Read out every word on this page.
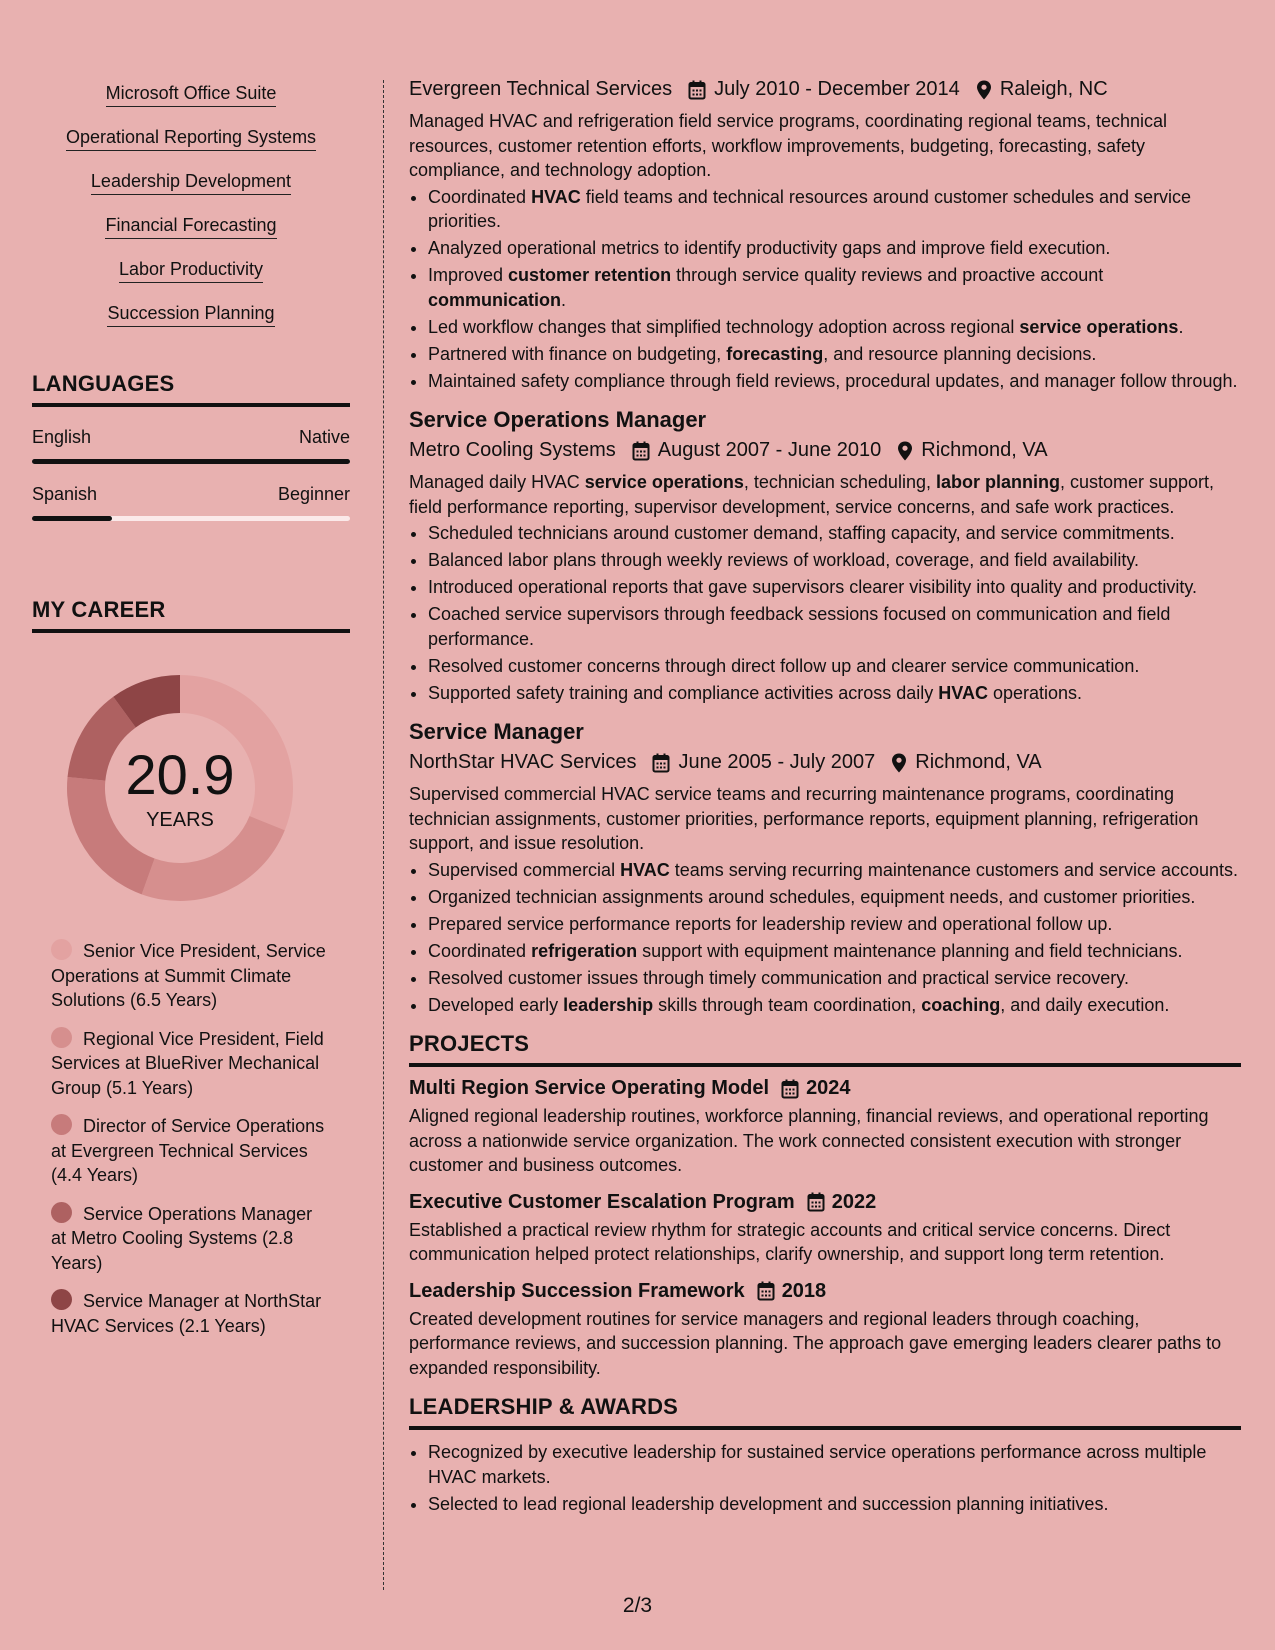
Microsoft Office Suite
Operational Reporting Systems
Leadership Development
Financial Forecasting
Labor Productivity
Succession Planning
LANGUAGES
English	Native
Spanish	Beginner
MY CAREER
20.9
YEARS
Senior Vice President, Service Operations at Summit Climate Solutions (6.5 Years)
Regional Vice President, Field Services at BlueRiver Mechanical Group (5.1 Years)
Director of Service Operations at Evergreen Technical Services (4.4 Years)
Service Operations Manager at Metro Cooling Systems (2.8 Years)
Service Manager at NorthStar HVAC Services (2.1 Years)
Evergreen Technical Services July 2010 - December 2014 Raleigh, NC

Managed HVAC and refrigeration field service programs, coordinating regional teams, technical resources, customer retention efforts, workflow improvements, budgeting, forecasting, safety compliance, and technology adoption.

• Coordinated HVAC field teams and technical resources around customer schedules and service priorities.
• Analyzed operational metrics to identify productivity gaps and improve field execution.
• Improved customer retention through service quality reviews and proactive account communication.
• Led workflow changes that simplified technology adoption across regional service operations.
• Partnered with finance on budgeting, forecasting, and resource planning decisions.
• Maintained safety compliance through field reviews, procedural updates, and manager follow through.
Service Operations Manager
Metro Cooling Systems August 2007 - June 2010 Richmond, VA

Managed daily HVAC service operations, technician scheduling, labor planning, customer support, field performance reporting, supervisor development, service concerns, and safe work practices.

• Scheduled technicians around customer demand, staffing capacity, and service commitments.
• Balanced labor plans through weekly reviews of workload, coverage, and field availability.
• Introduced operational reports that gave supervisors clearer visibility into quality and productivity.
• Coached service supervisors through feedback sessions focused on communication and field performance.
• Resolved customer concerns through direct follow up and clearer service communication.
• Supported safety training and compliance activities across daily HVAC operations.
Service Manager
NorthStar HVAC Services June 2005 - July 2007 Richmond, VA

Supervised commercial HVAC service teams and recurring maintenance programs, coordinating technician assignments, customer priorities, performance reports, equipment planning, refrigeration support, and issue resolution.

• Supervised commercial HVAC teams serving recurring maintenance customers and service accounts.
• Organized technician assignments around schedules, equipment needs, and customer priorities.
• Prepared service performance reports for leadership review and operational follow up.
• Coordinated refrigeration support with equipment maintenance planning and field technicians.
• Resolved customer issues through timely communication and practical service recovery.
• Developed early leadership skills through team coordination, coaching, and daily execution.
PROJECTS
Multi Region Service Operating Model 2024

Aligned regional leadership routines, workforce planning, financial reviews, and operational reporting across a nationwide service organization. The work connected consistent execution with stronger customer and business outcomes.

Executive Customer Escalation Program 2022

Established a practical review rhythm for strategic accounts and critical service concerns. Direct communication helped protect relationships, clarify ownership, and support long term retention.

Leadership Succession Framework 2018

Created development routines for service managers and regional leaders through coaching, performance reviews, and succession planning. The approach gave emerging leaders clearer paths to expanded responsibility.

LEADERSHIP & AWARDS
• Recognized by executive leadership for sustained service operations performance across multiple HVAC markets.
• Selected to lead regional leadership development and succession planning initiatives.
2/3
